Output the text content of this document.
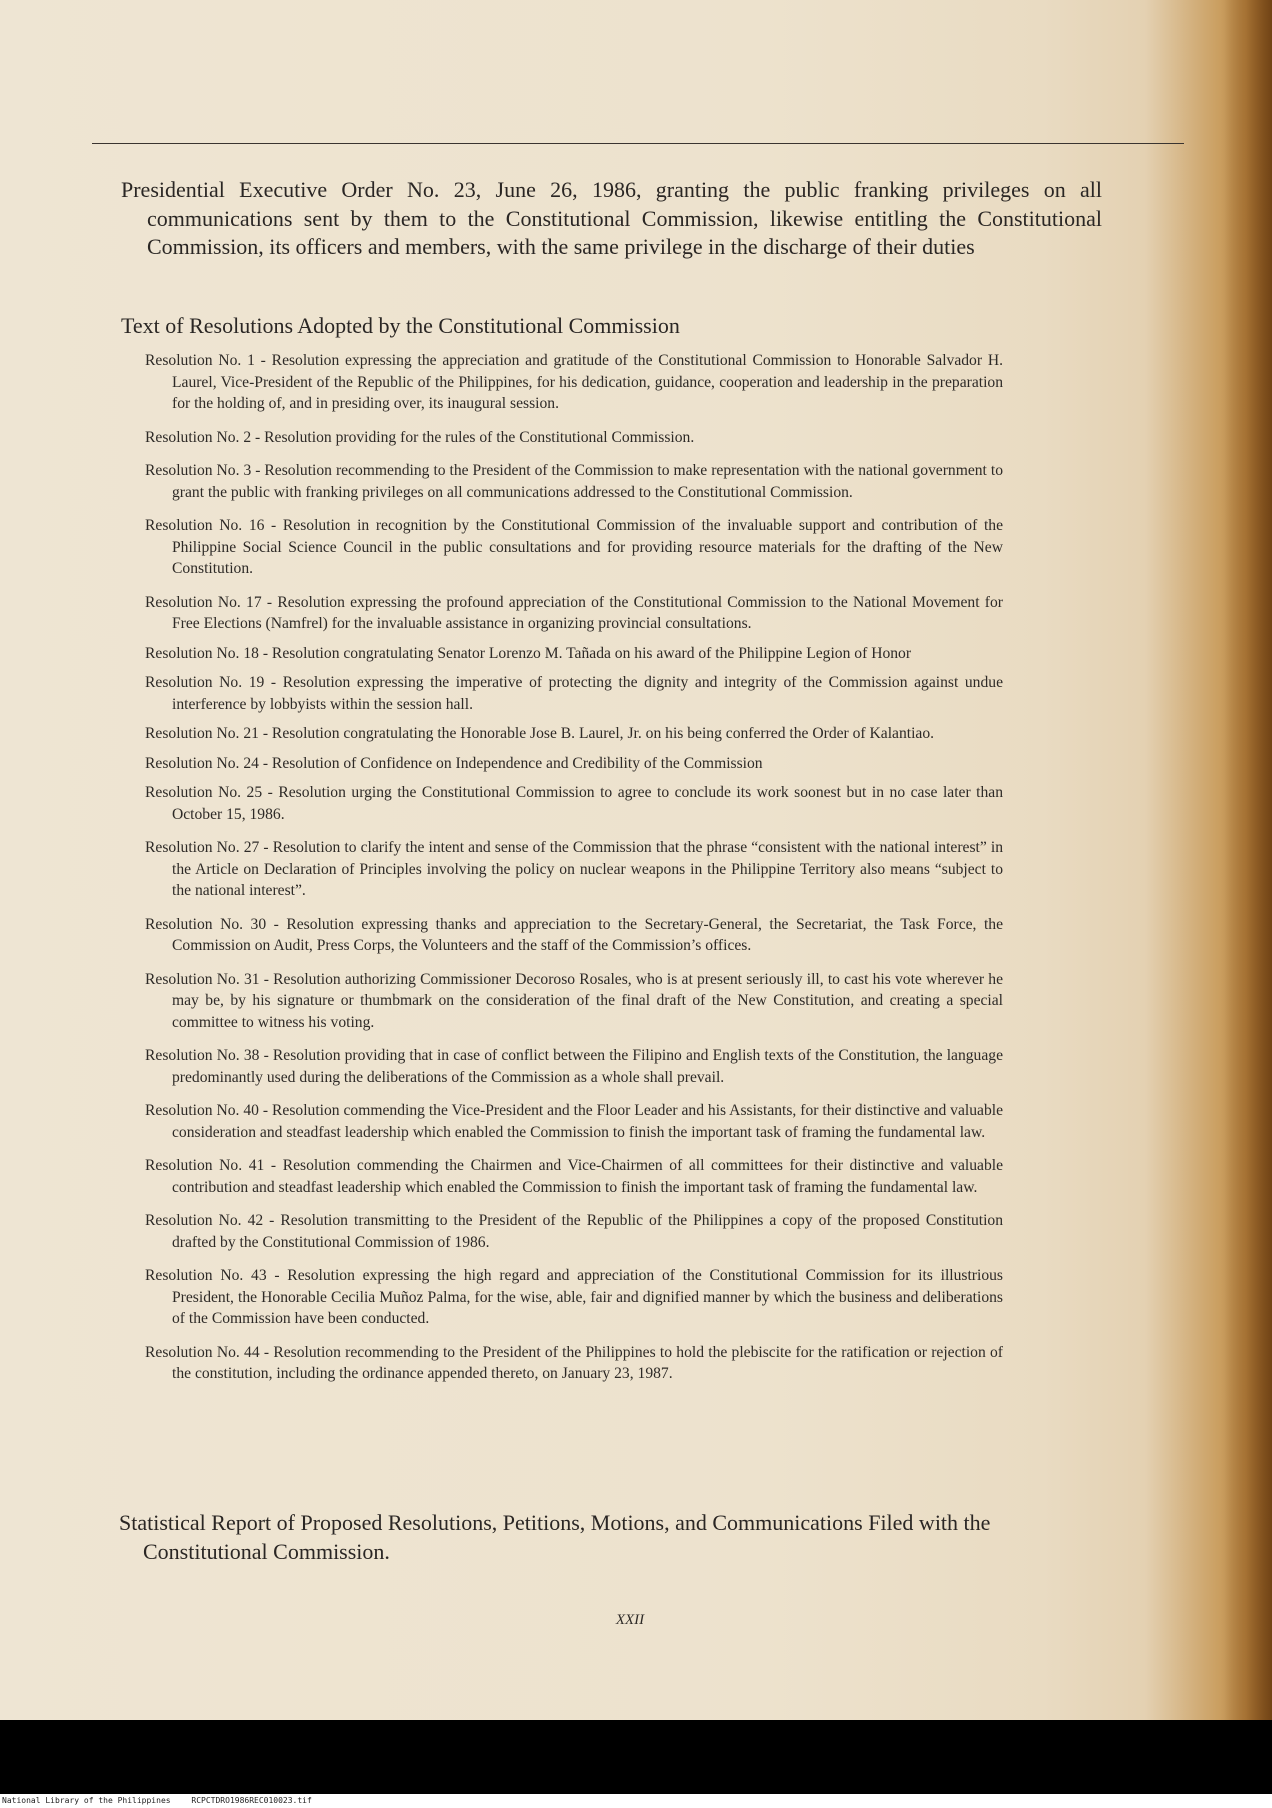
Presidential Executive Order No. 23, June 26, 1986, granting the public franking privileges on all communications sent by them to the Constitutional Commission, likewise entitling the Constitutional Commission, its officers and members, with the same privilege in the discharge of their duties
Text of Resolutions Adopted by the Constitutional Commission
Resolution No. 1 - Resolution expressing the appreciation and gratitude of the Constitutional Commission to Honorable Salvador H. Laurel, Vice-President of the Republic of the Philippines, for his dedication, guidance, cooperation and leadership in the preparation for the holding of, and in presiding over, its inaugural session.
Resolution No. 2 - Resolution providing for the rules of the Constitutional Commission.
Resolution No. 3 - Resolution recommending to the President of the Commission to make representation with the national government to grant the public with franking privileges on all communications addressed to the Constitutional Commission.
Resolution No. 16 - Resolution in recognition by the Constitutional Commission of the invaluable support and contribution of the Philippine Social Science Council in the public consultations and for providing resource materials for the drafting of the New Constitution.
Resolution No. 17 - Resolution expressing the profound appreciation of the Constitutional Commission to the National Movement for Free Elections (Namfrel) for the invaluable assistance in organizing provincial consultations.
Resolution No. 18 - Resolution congratulating Senator Lorenzo M. Tañada on his award of the Philippine Legion of Honor
Resolution No. 19 - Resolution expressing the imperative of protecting the dignity and integrity of the Commission against undue interference by lobbyists within the session hall.
Resolution No. 21 - Resolution congratulating the Honorable Jose B. Laurel, Jr. on his being conferred the Order of Kalantiao.
Resolution No. 24 - Resolution of Confidence on Independence and Credibility of the Commission
Resolution No. 25 - Resolution urging the Constitutional Commission to agree to conclude its work soonest but in no case later than October 15, 1986.
Resolution No. 27 - Resolution to clarify the intent and sense of the Commission that the phrase “consistent with the national interest” in the Article on Declaration of Principles involving the policy on nuclear weapons in the Philippine Territory also means “subject to the national interest”.
Resolution No. 30 - Resolution expressing thanks and appreciation to the Secretary-General, the Secretariat, the Task Force, the Commission on Audit, Press Corps, the Volunteers and the staff of the Commission’s offices.
Resolution No. 31 - Resolution authorizing Commissioner Decoroso Rosales, who is at present seriously ill, to cast his vote wherever he may be, by his signature or thumbmark on the consideration of the final draft of the New Constitution, and creating a special committee to witness his voting.
Resolution No. 38 - Resolution providing that in case of conflict between the Filipino and English texts of the Constitution, the language predominantly used during the deliberations of the Commission as a whole shall prevail.
Resolution No. 40 - Resolution commending the Vice-President and the Floor Leader and his Assistants, for their distinctive and valuable consideration and steadfast leadership which enabled the Commission to finish the important task of framing the fundamental law.
Resolution No. 41 - Resolution commending the Chairmen and Vice-Chairmen of all committees for their distinctive and valuable contribution and steadfast leadership which enabled the Commission to finish the important task of framing the fundamental law.
Resolution No. 42 - Resolution transmitting to the President of the Republic of the Philippines a copy of the proposed Constitution drafted by the Constitutional Commission of 1986.
Resolution No. 43 - Resolution expressing the high regard and appreciation of the Constitutional Commission for its illustrious President, the Honorable Cecilia Muñoz Palma, for the wise, able, fair and dignified manner by which the business and deliberations of the Commission have been conducted.
Resolution No. 44 - Resolution recommending to the President of the Philippines to hold the plebiscite for the ratification or rejection of the constitution, including the ordinance appended thereto, on January 23, 1987.
Statistical Report of Proposed Resolutions, Petitions, Motions, and Communications Filed with the Constitutional Commission.
XXII
National Library of the Philippines	RCPCTDRO1986REC010023.tif
